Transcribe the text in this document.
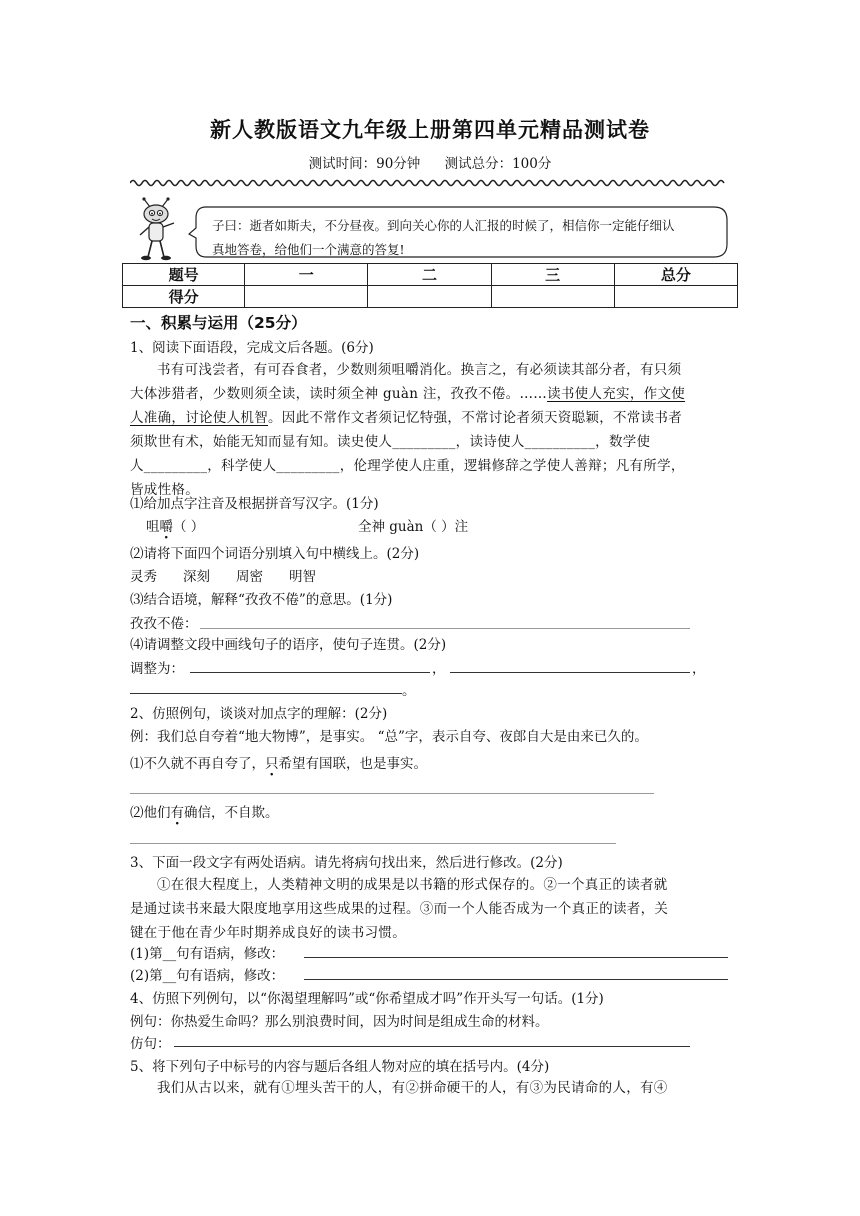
新人教版语文九年级上册第四单元精品测试卷
测试时间：90分钟 测试总分：100分
子曰：逝者如斯夫，不分昼夜。到向关心你的人汇报的时候了，相信你一定能仔细认
真地答卷，给他们一个满意的答复!
题号	一	二	三	总分
得分				
一、积累与运用（25分）
1、阅读下面语段，完成文后各题。(6分)
书有可浅尝者，有可吞食者，少数则须咀嚼消化。换言之，有必须读其部分者，有只须
大体涉猎者，少数则须全读，读时须全神 guàn 注，孜孜不倦。……读书使人充实，作文使
人准确，讨论使人机智。因此不常作文者须记忆特强，不常讨论者须天资聪颖，不常读书者
须欺世有术，始能无知而显有知。读史使人_________，读诗使人__________，数学使
人_________，科学使人_________，伦理学使人庄重，逻辑修辞之学使人善辩；凡有所学，
皆成性格。
⑴给加点字注音及根据拼音写汉字。(1分)
咀嚼（ ）	全神 guàn（ ）注
⑵请将下面四个词语分别填入句中横线上。(2分)
灵秀 深刻 周密 明智
⑶结合语境，解释“孜孜不倦”的意思。(1分)
孜孜不倦：
⑷请调整文段中画线句子的语序，使句子连贯。(2分)
调整为：	，	，
。
2、仿照例句，谈谈对加点字的理解：(2分)
例：我们总自夸着“地大物博”，是事实。 “总”字，表示自夸、夜郎自大是由来已久的。
⑴不久就不再自夸了，只希望有国联，也是事实。
⑵他们有确信，不自欺。
3、下面一段文字有两处语病。请先将病句找出来，然后进行修改。(2分)
①在很大程度上，人类精神文明的成果是以书籍的形式保存的。②一个真正的读者就
是通过读书来最大限度地享用这些成果的过程。③而一个人能否成为一个真正的读者，关
键在于他在青少年时期养成良好的读书习惯。
(1)第__句有语病，修改：
(2)第__句有语病，修改：
4、仿照下列例句，以“你渴望理解吗”或“你希望成才吗”作开头写一句话。(1分)
例句：你热爱生命吗？那么别浪费时间，因为时间是组成生命的材料。
仿句：
5、将下列句子中标号的内容与题后各组人物对应的填在括号内。(4分)
我们从古以来，就有①埋头苦干的人，有②拼命硬干的人，有③为民请命的人，有④
